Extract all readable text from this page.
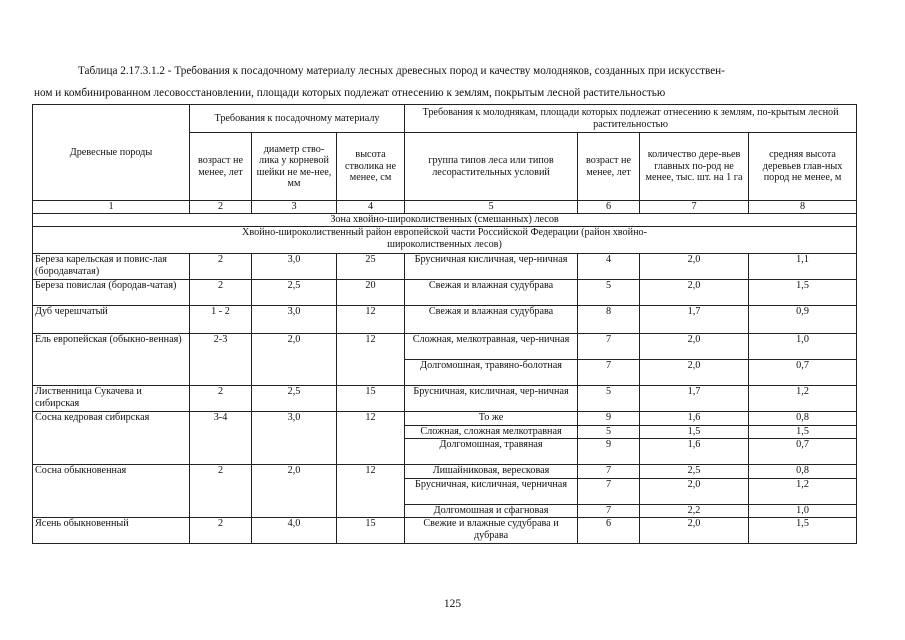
Таблица 2.17.3.1.2 - Требования к посадочному материалу лесных древесных пород и качеству молодняков, созданных при искусствен-
ном и комбинированном лесовосстановлении, площади которых подлежат отнесению к землям, покрытым лесной растительностью
Древесные породы	Требования к посадочному материалу			Требования к молоднякам, площади которых подлежат отнесению к землям, по-крытым лесной растительностью			
	возраст не менее, лет	диаметр ство-лика у корневой шейки не ме-нее, мм	высота стволика не менее, см	группа типов леса или типов лесорастительных условий	возраст не менее, лет	количество дере-вьев главных по-род не менее, тыс. шт. на 1 га	средняя высота деревьев глав-ных пород не менее, м
1	2	3	4	5	6	7	8
Зона хвойно-широколиственных (смешанных) лесов							
Хвойно-широколиственный район европейской части Российской Федерации (район хвойно-широколиственных лесов)							
Береза карельская и повис-лая (бородавчатая)	2	3,0	25	Брусничная кисличная, чер-ничная	4	2,0	1,1
Береза повислая (бородав-чатая)	2	2,5	20	Свежая и влажная судубрава	5	2,0	1,5
Дуб черешчатый	1 - 2	3,0	12	Свежая и влажная судубрава	8	1,7	0,9
Ель европейская (обыкно-венная)	2-3	2,0	12	Сложная, мелкотравная, чер-ничная	7	2,0	1,0
				Долгомошная, травяно-болотная	7	2,0	0,7
Лиственница Сукачева и сибирская	2	2,5	15	Брусничная, кисличная, чер-ничная	5	1,7	1,2
Сосна кедровая сибирская	3-4	3,0	12	То же	9	1,6	0,8
				Сложная, сложная мелкотравная	5	1,5	1,5
				Долгомошная, травяная	9	1,6	0,7
Сосна обыкновенная	2	2,0	12	Лишайниковая, вересковая	7	2,5	0,8
				Брусничная, кисличная, черничная	7	2,0	1,2
				Долгомошная и сфагновая	7	2,2	1,0
Ясень обыкновенный	2	4,0	15	Свежие и влажные судубрава и дубрава	6	2,0	1,5
125
